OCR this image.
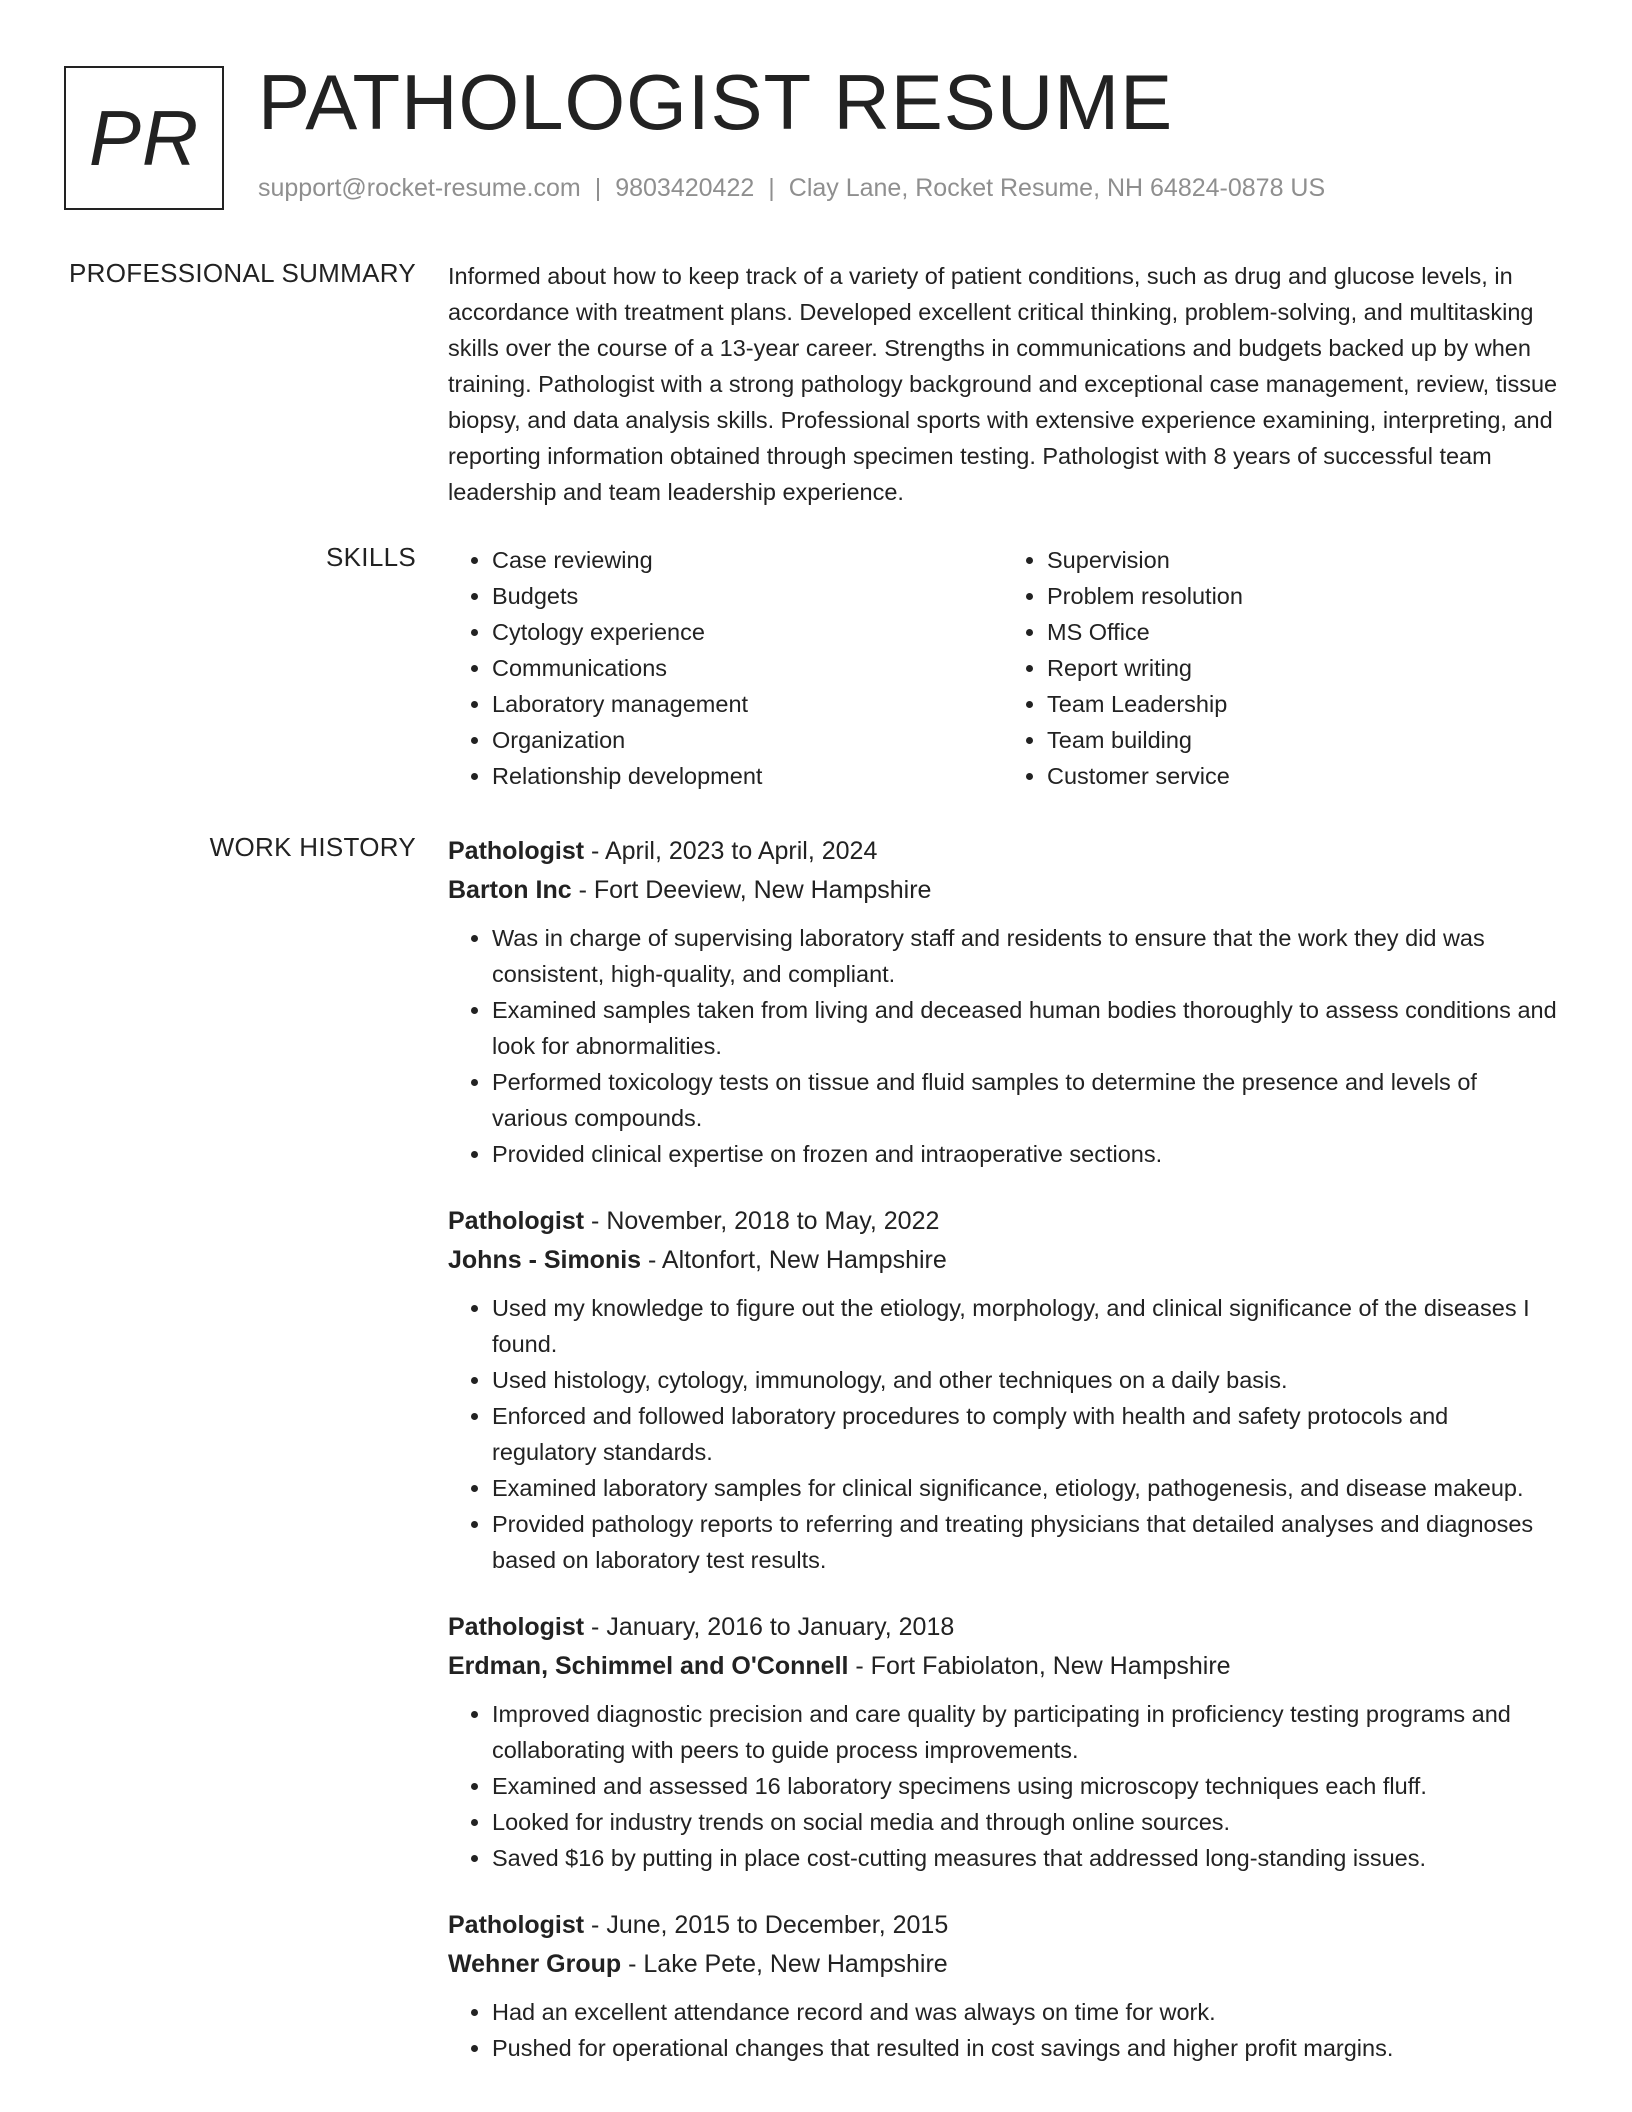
PR PATHOLOGIST RESUME
support@rocket-resume.com | 9803420422 | Clay Lane, Rocket Resume, NH 64824-0878 US
PROFESSIONAL SUMMARY Informed about how to keep track of a variety of patient conditions, such as drug and glucose levels, in accordance with treatment plans. Developed excellent critical thinking, problem-solving, and multitasking skills over the course of a 13-year career. Strengths in communications and budgets backed up by when training. Pathologist with a strong pathology background and exceptional case management, review, tissue biopsy, and data analysis skills. Professional sports with extensive experience examining, interpreting, and reporting information obtained through specimen testing. Pathologist with 8 years of successful team leadership and team leadership experience.

SKILLS
•	Case reviewing
• Budgets
• Cytology experience
• Communications
• Laboratory management
• Organization
• Relationship development
• Supervision
• Problem resolution
• MS Office
• Report writing
• Team Leadership
• Team building
• Customer service
WORK HISTORY Pathologist - April, 2023 to April, 2024
Barton Inc - Fort Deeview, New Hampshire
• Was in charge of supervising laboratory staff and residents to ensure that the work they did was consistent, high-quality, and compliant.
• Examined samples taken from living and deceased human bodies thoroughly to assess conditions and look for abnormalities.
• Performed toxicology tests on tissue and fluid samples to determine the presence and levels of various compounds.
• Provided clinical expertise on frozen and intraoperative sections.
Pathologist - November, 2018 to May, 2022
Johns - Simonis - Altonfort, New Hampshire
• Used my knowledge to figure out the etiology, morphology, and clinical significance of the diseases I found.
• Used histology, cytology, immunology, and other techniques on a daily basis.
• Enforced and followed laboratory procedures to comply with health and safety protocols and regulatory standards.
• Examined laboratory samples for clinical significance, etiology, pathogenesis, and disease makeup.
• Provided pathology reports to referring and treating physicians that detailed analyses and diagnoses based on laboratory test results.
Pathologist - January, 2016 to January, 2018
Erdman, Schimmel and O'Connell - Fort Fabiolaton, New Hampshire
• Improved diagnostic precision and care quality by participating in proficiency testing programs and collaborating with peers to guide process improvements.
• Examined and assessed 16 laboratory specimens using microscopy techniques each fluff.
• Looked for industry trends on social media and through online sources.
• Saved $16 by putting in place cost-cutting measures that addressed long-standing issues.
Pathologist - June, 2015 to December, 2015
Wehner Group - Lake Pete, New Hampshire
• Had an excellent attendance record and was always on time for work.
• Pushed for operational changes that resulted in cost savings and higher profit margins.
